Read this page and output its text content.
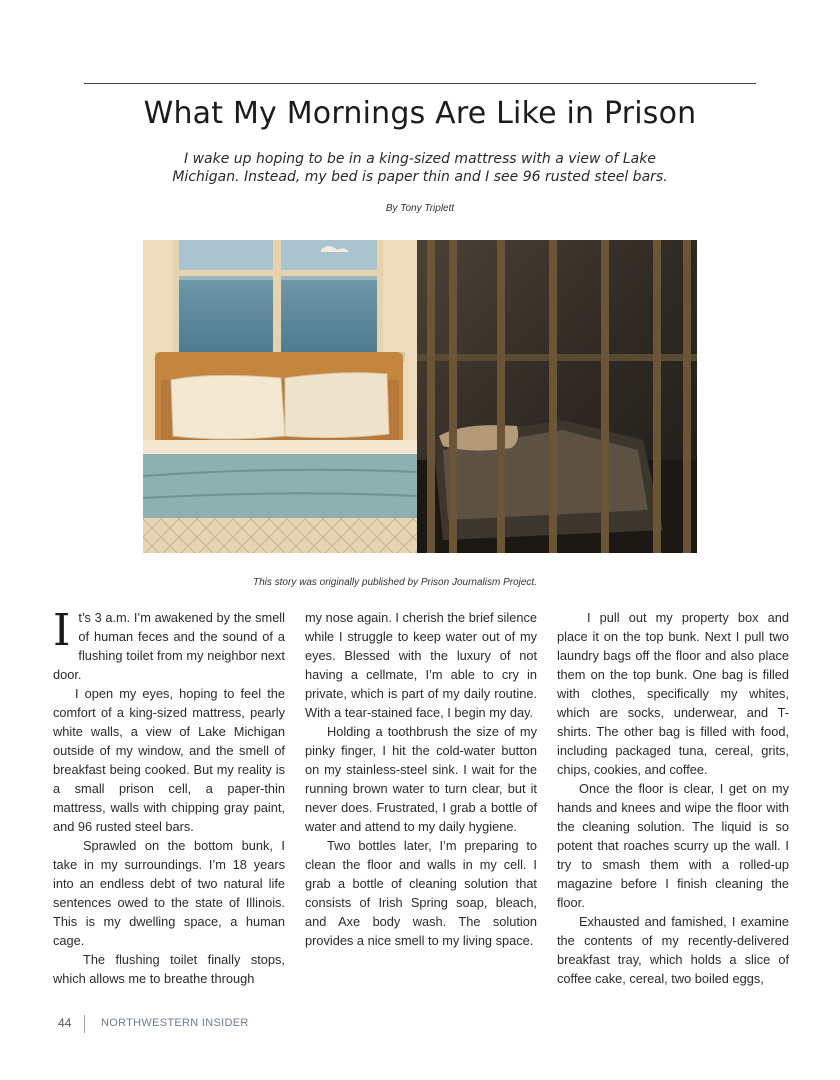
What My Mornings Are Like in Prison
I wake up hoping to be in a king-sized mattress with a view of Lake Michigan. Instead, my bed is paper thin and I see 96 rusted steel bars.
By Tony Triplett
This story was originally published by Prison Journalism Project.

It’s 3 a.m. I’m awakened by the smell of human feces and the sound of a flushing toilet from my neighbor next door.

I open my eyes, hoping to feel the comfort of a king-sized mattress, pearly white walls, a view of Lake Michigan outside of my window, and the smell of breakfast being cooked. But my reality is a small prison cell, a paper-thin mattress, walls with chipping gray paint, and 96 rusted steel bars.

Sprawled on the bottom bunk, I take in my surroundings. I’m 18 years into an endless debt of two natural life sentences owed to the state of Illinois. This is my dwelling space, a human cage.

The flushing toilet finally stops, which allows me to breathe through

my nose again. I cherish the brief silence while I struggle to keep water out of my eyes. Blessed with the luxury of not having a cellmate, I’m able to cry in private, which is part of my daily routine. With a tear-stained face, I begin my day.

Holding a toothbrush the size of my pinky finger, I hit the cold-water button on my stainless-steel sink. I wait for the running brown water to turn clear, but it never does. Frustrated, I grab a bottle of water and attend to my daily hygiene.

Two bottles later, I’m preparing to clean the floor and walls in my cell. I grab a bottle of cleaning solution that consists of Irish Spring soap, bleach, and Axe body wash. The solution provides a nice smell to my living space.

I pull out my property box and place it on the top bunk. Next I pull two laundry bags off the floor and also place them on the top bunk. One bag is filled with clothes, specifically my whites, which are socks, underwear, and T-shirts. The other bag is filled with food, including packaged tuna, cereal, grits, chips, cookies, and coffee.

Once the floor is clear, I get on my hands and knees and wipe the floor with the cleaning solution. The liquid is so potent that roaches scurry up the wall. I try to smash them with a rolled-up magazine before I finish cleaning the floor.

Exhausted and famished, I examine the contents of my recently-delivered breakfast tray, which holds a slice of coffee cake, cereal, two boiled eggs,

44	NORTHWESTERN INSIDER
